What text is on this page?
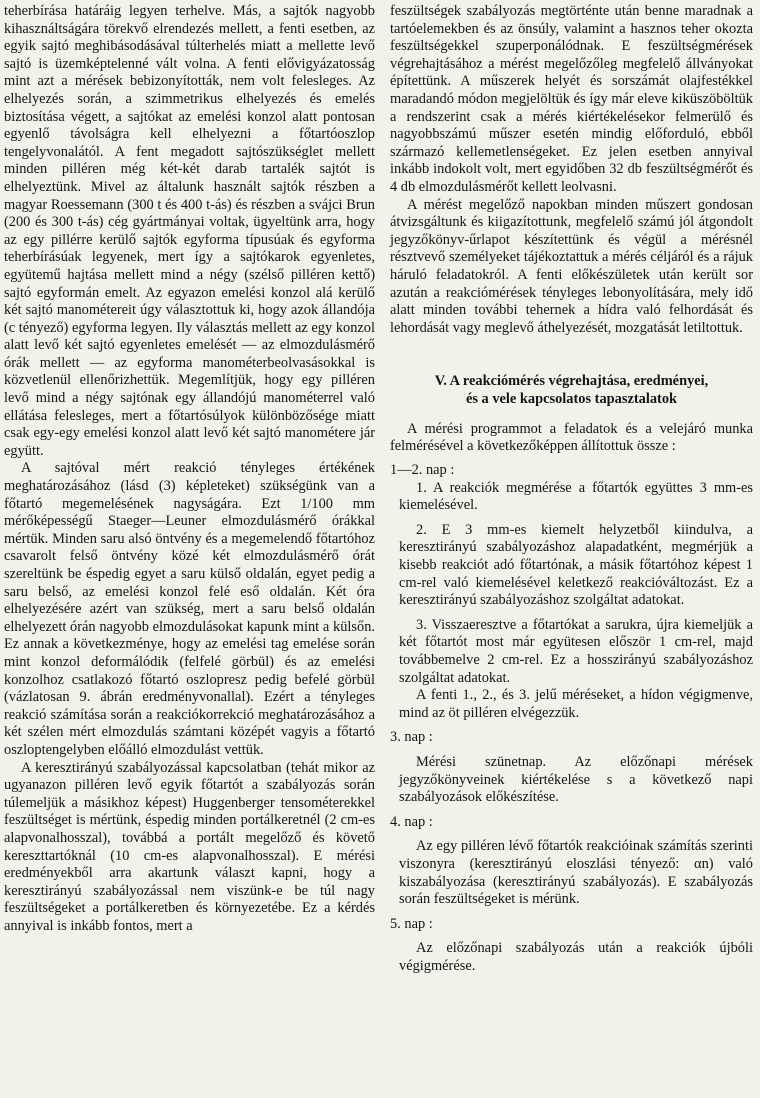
teherbírása határáig legyen terhelve. Más, a sajtók nagyobb kihasználtságára törekvő elrendezés mellett, a fenti esetben, az egyik sajtó meghibásodásával túlterhelés miatt a mellette levő sajtó is üzemképtelenné vált volna. A fenti elővigyázatosság mint azt a mérések bebizonyították, nem volt felesleges. Az elhelyezés során, a szimmetrikus elhelyezés és emelés biztosítása végett, a sajtókat az emelési konzol alatt pontosan egyenlő távolságra kell elhelyezni a főtartóoszlop tengelyvonalától. A fent megadott sajtószükséglet mellett minden pilléren még két-két darab tartalék sajtót is elhelyeztünk. Mivel az általunk használt sajtók részben a magyar Roessemann (300 t és 400 t-ás) és részben a svájci Brun (200 és 300 t-ás) cég gyártmányai voltak, ügyeltünk arra, hogy az egy pillérre kerülő sajtók egyforma típusúak és egyforma teherbírásúak legyenek, mert így a sajtókarok egyenletes, együtemű hajtása mellett mind a négy (szélső pilléren kettő) sajtó egyformán emelt. Az egyazon emelési konzol alá kerülő két sajtó manométereit úgy választottuk ki, hogy azok állandója (c tényező) egyforma legyen. Ily választás mellett az egy konzol alatt levő két sajtó egyenletes emelését — az elmozdulásmérő órák mellett — az egyforma manométerbeolvasásokkal is közvetlenül ellenőrizhettük. Megemlítjük, hogy egy pilléren levő mind a négy sajtónak egy állandójú manométerrel való ellátása felesleges, mert a főtartósúlyok különbözősége miatt csak egy-egy emelési konzol alatt levő két sajtó manométere jár együtt.

A sajtóval mért reakció tényleges értékének meghatározásához (lásd (3) képleteket) szükségünk van a főtartó megemelésének nagyságára. Ezt 1/100 mm mérőképességű Staeger—Leuner elmozdulásmérő órákkal mértük. Minden saru alsó öntvény és a megemelendő főtartóhoz csavarolt felső öntvény közé két elmozdulásmérő órát szereltünk be éspedig egyet a saru külső oldalán, egyet pedig a saru belső, az emelési konzol felé eső oldalán. Két óra elhelyezésére azért van szükség, mert a saru belső oldalán elhelyezett órán nagyobb elmozdulásokat kapunk mint a külsőn. Ez annak a következménye, hogy az emelési tag emelése során mint konzol deformálódik (felfelé görbül) és az emelési konzolhoz csatlakozó főtartó oszlopresz pedig befelé görbül (vázlatosan 9. ábrán eredményvonallal). Ezért a tényleges reakció számítása során a reakciókorrekció meghatározásához a két szélen mért elmozdulás számtani középét vagyis a főtartó oszloptengelyben előálló elmozdulást vettük.

A keresztirányú szabályozással kapcsolatban (tehát mikor az ugyanazon pilléren levő egyik főtartót a szabályozás során túlemeljük a másikhoz képest) Huggenberger tensométerekkel feszültséget is mértünk, éspedig minden portálkeretnél (2 cm-es alapvonalhosszal), továbbá a portált megelőző és követő kereszttartóknál (10 cm-es alapvonalhosszal). E mérési eredményekből arra akartunk választ kapni, hogy a keresztirányú szabályozással nem viszünk-e be túl nagy feszültségeket a portálkeretben és környezetébe. Ez a kérdés annyival is inkább fontos, mert a

feszültségek szabályozás megtörténte után benne maradnak a tartóelemekben és az önsúly, valamint a hasznos teher okozta feszültségekkel szuperponálódnak. E feszültségmérések végrehajtásához a mérést megelőzőleg megfelelő állványokat építettünk. A műszerek helyét és sorszámát olajfestékkel maradandó módon megjelöltük és így már eleve kiküszöböltük a rendszerint csak a mérés kiértékelésekor felmerülő és nagyobbszámú műszer esetén mindig előforduló, ebből származó kellemetlenségeket. Ez jelen esetben annyival inkább indokolt volt, mert egyidőben 32 db feszültségmérőt és 4 db elmozdulásmérőt kellett leolvasni.

A mérést megelőző napokban minden műszert gondosan átvizsgáltunk és kiigazítottunk, megfelelő számú jól átgondolt jegyzőkönyv-űrlapot készítettünk és végül a mérésnél résztvevő személyeket tájékoztattuk a mérés céljáról és a rájuk háruló feladatokról. A fenti előkészületek után került sor azután a reakciómérések tényleges lebonyolítására, mely idő alatt minden további tehernek a hídra való felhordását és lehordását vagy meglevő áthelyezését, mozgatását letiltottuk.

V. A reakciómérés végrehajtása, eredményei,
és a vele kapcsolatos tapasztalatok

A mérési programmot a feladatok és a velejáró munka felmérésével a következőképpen állítottuk össze :

1—2. nap :

1. A reakciók megmérése a főtartók együttes 3 mm-es kiemelésével.

2. E 3 mm-es kiemelt helyzetből kiindulva, a keresztirányú szabályozáshoz alapadatként, megmérjük a kisebb reakciót adó főtartónak, a másik főtartóhoz képest 1 cm-rel való kiemelésével keletkező reakcióváltozást. Ez a keresztirányú szabályozáshoz szolgáltat adatokat.

3. Visszaeresztve a főtartókat a sarukra, újra kiemeljük a két főtartót most már együtesen először 1 cm-rel, majd továbbemelve 2 cm-rel. Ez a hosszirányú szabályozáshoz szolgáltat adatokat.

A fenti 1., 2., és 3. jelű méréseket, a hídon végigmenve, mind az öt pilléren elvégezzük.

3. nap :

Mérési szünetnap. Az előzőnapi mérések jegyzőkönyveinek kiértékelése s a következő napi szabályozások előkészítése.

4. nap :

Az egy pilléren lévő főtartók reakcióinak számítás szerinti viszonyra (keresztirányú eloszlási tényező: αn) való kiszabályozása (keresztirányú szabályozás). E szabályozás során feszültségeket is mérünk.

5. nap :

Az előzőnapi szabályozás után a reakciók újbóli végigmérése.
